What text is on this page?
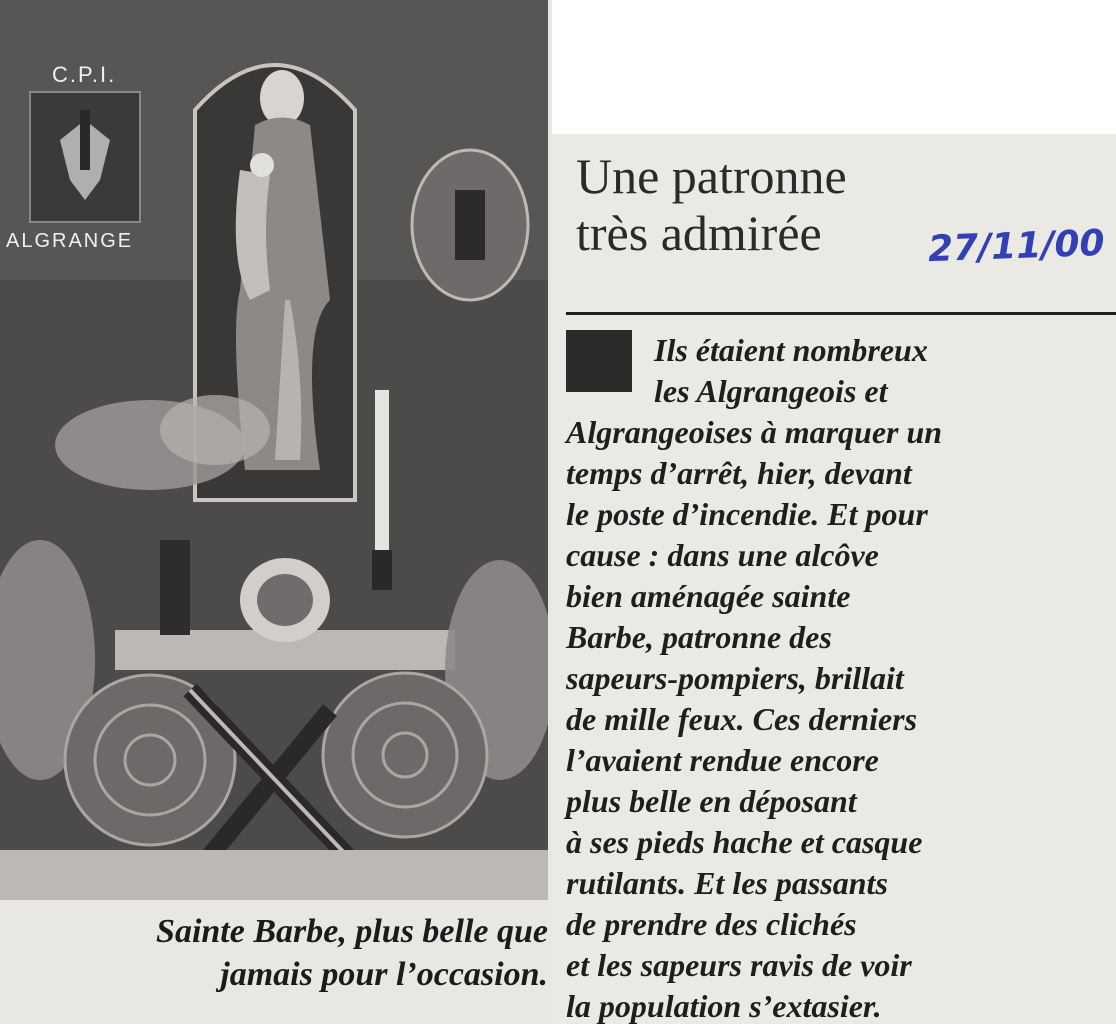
C.P.I.
ALGRANGE
Sainte Barbe, plus belle que
jamais pour l’occasion.
Une patronne
très admirée	27/11/00
Ils étaient nombreux
les Algrangeois et
Algrangeoises à marquer un
temps d’arrêt, hier, devant
le poste d’incendie. Et pour
cause : dans une alcôve
bien aménagée sainte
Barbe, patronne des
sapeurs-pompiers, brillait
de mille feux. Ces derniers
l’avaient rendue encore
plus belle en déposant
à ses pieds hache et casque
rutilants. Et les passants
de prendre des clichés
et les sapeurs ravis de voir
la population s’extasier.
